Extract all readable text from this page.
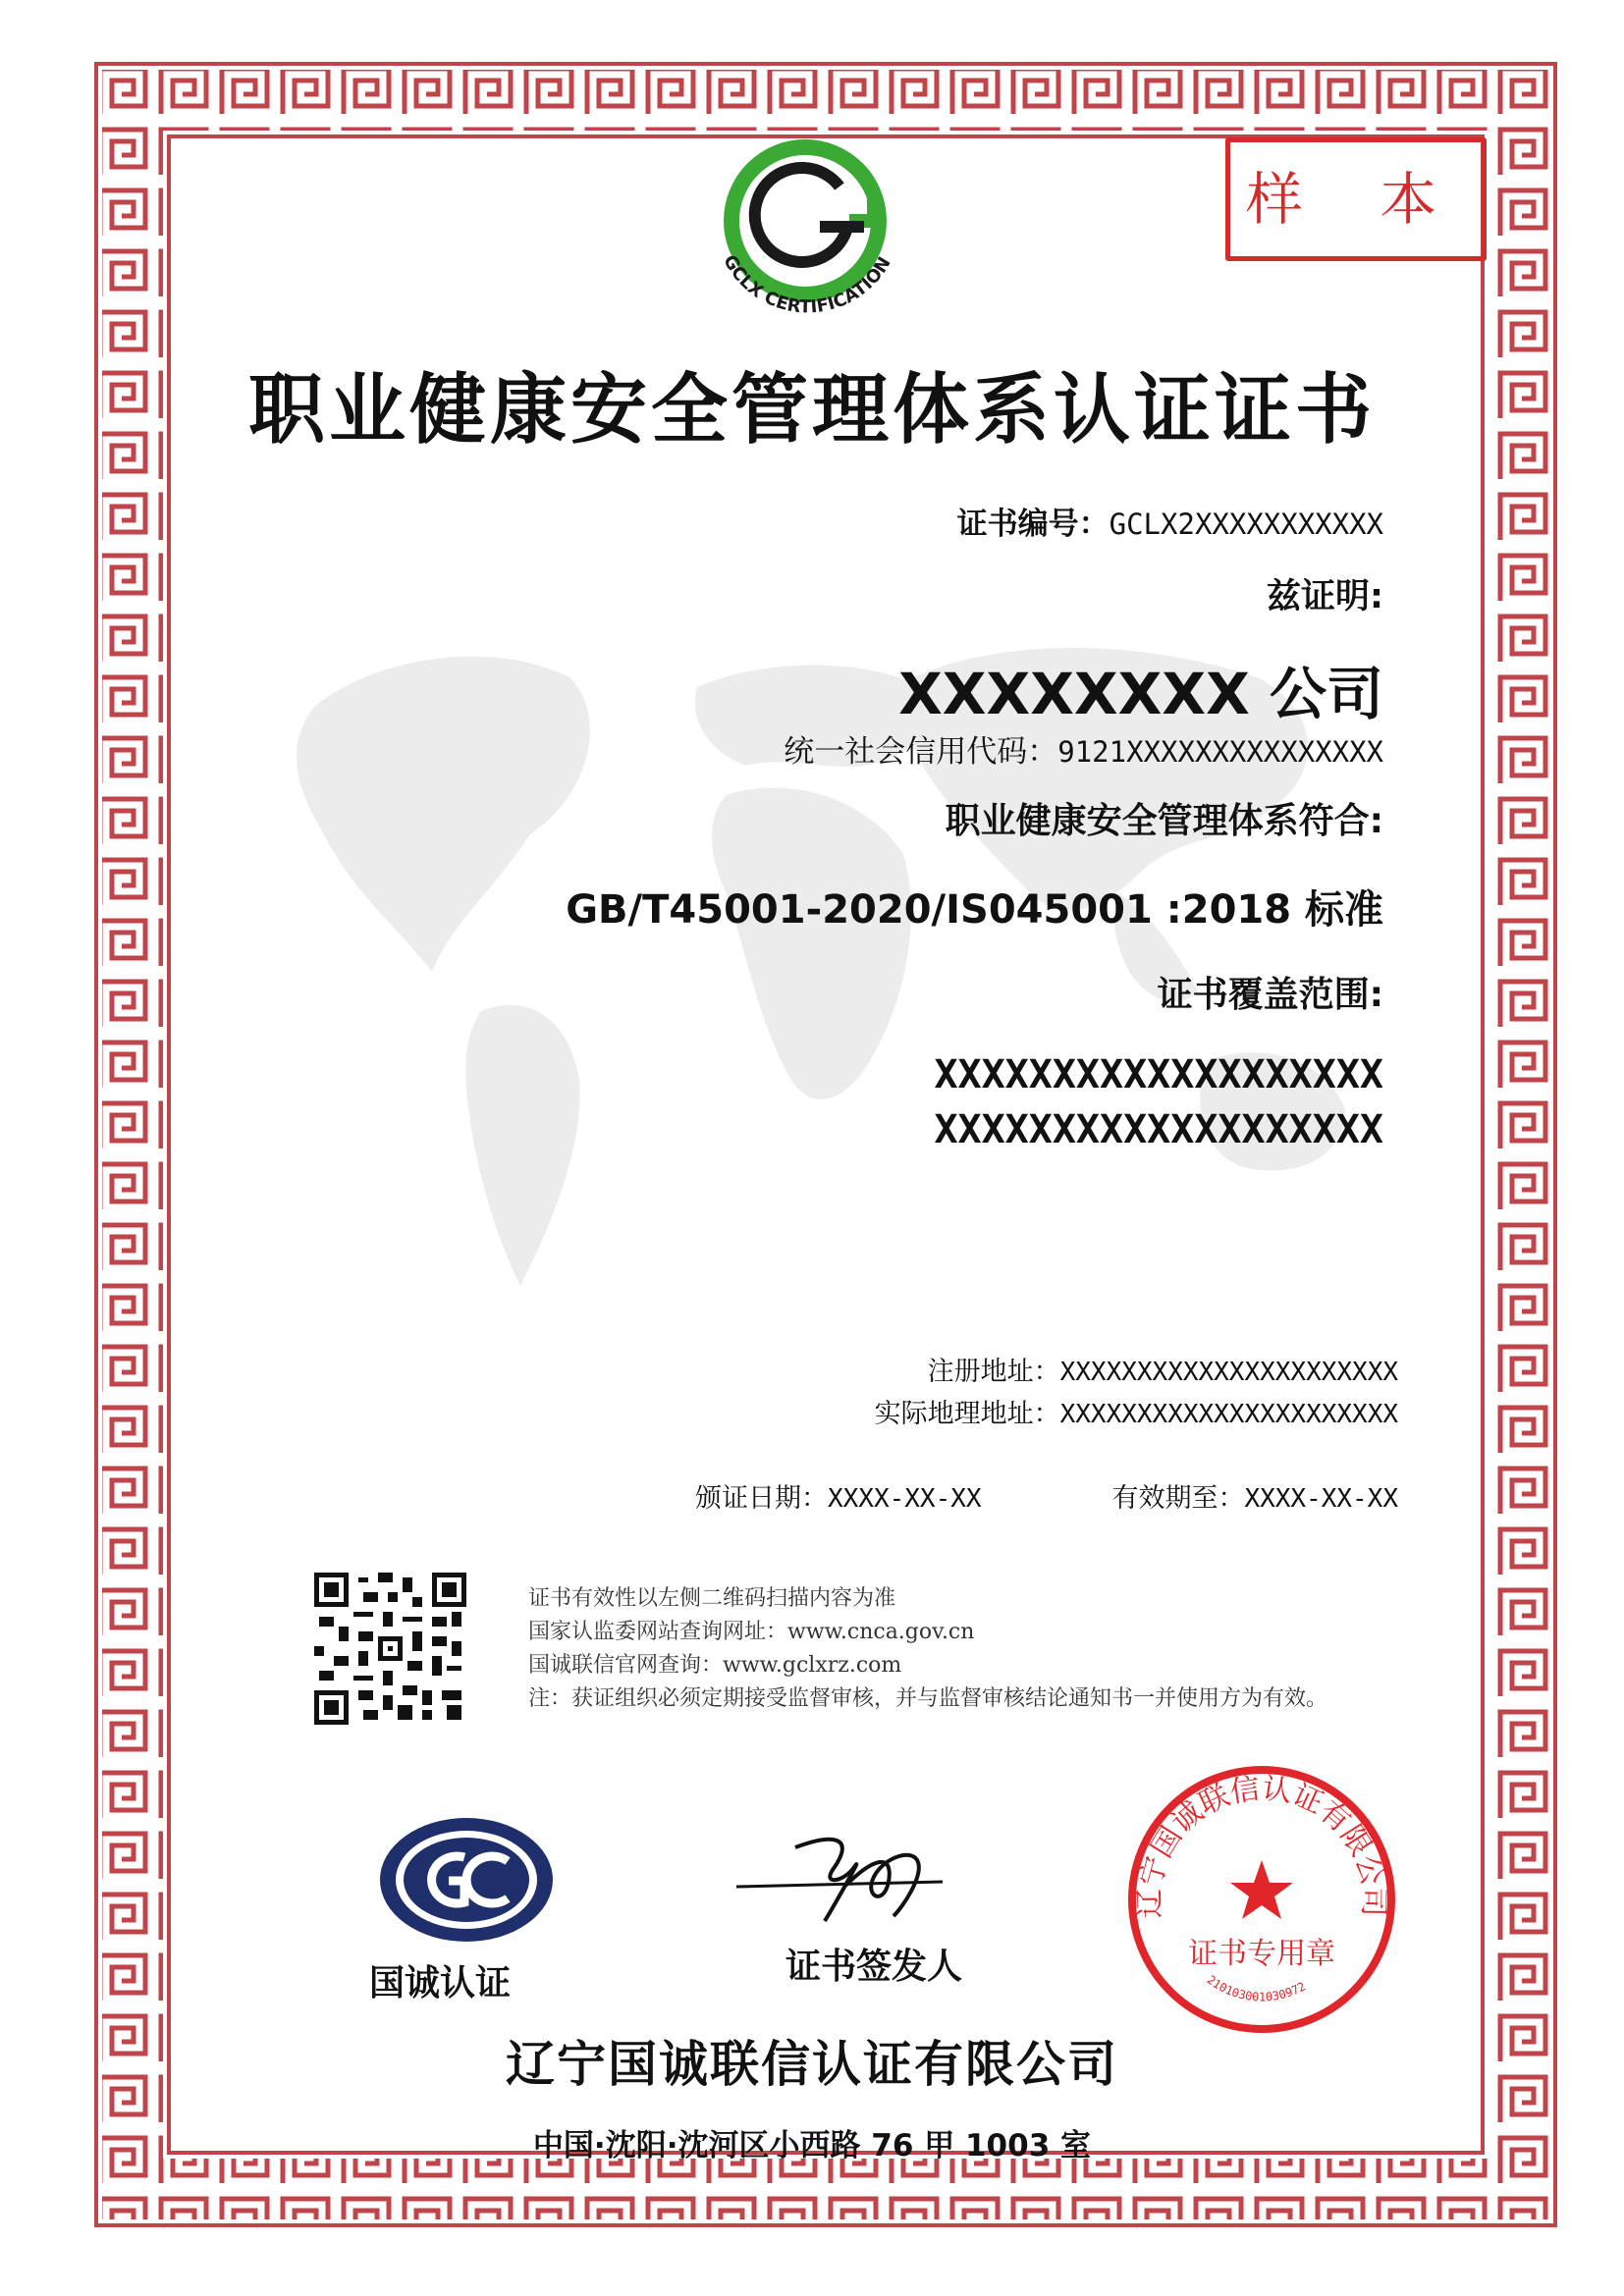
样 本
GCLX CERTIFICATION
职业健康安全管理体系认证证书
证书编号：GCLX2XXXXXXXXXXX
兹证明:
XXXXXXXX 公司
统一社会信用代码：9121XXXXXXXXXXXXXXX
职业健康安全管理体系符合:
GB/T45001-2020/IS045001 :2018 标准
证书覆盖范围:
XXXXXXXXXXXXXXXXXXX
XXXXXXXXXXXXXXXXXXX
注册地址：XXXXXXXXXXXXXXXXXXXXXX
实际地理地址：XXXXXXXXXXXXXXXXXXXXXX
颁证日期：XXXX-XX-XX	有效期至：XXXX-XX-XX
证书有效性以左侧二维码扫描内容为准
国家认监委网站查询网址：www.cnca.gov.cn
国诚联信官网查询：www.gclxrz.com
注：获证组织必须定期接受监督审核，并与监督审核结论通知书一并使用方为有效。
国诚认证	证书签发人
辽宁国诚联信认证有限公司
证书专用章
2101030010309​72
辽宁国诚联信认证有限公司
中国·沈阳·沈河区小西路 76 甲 1003 室
